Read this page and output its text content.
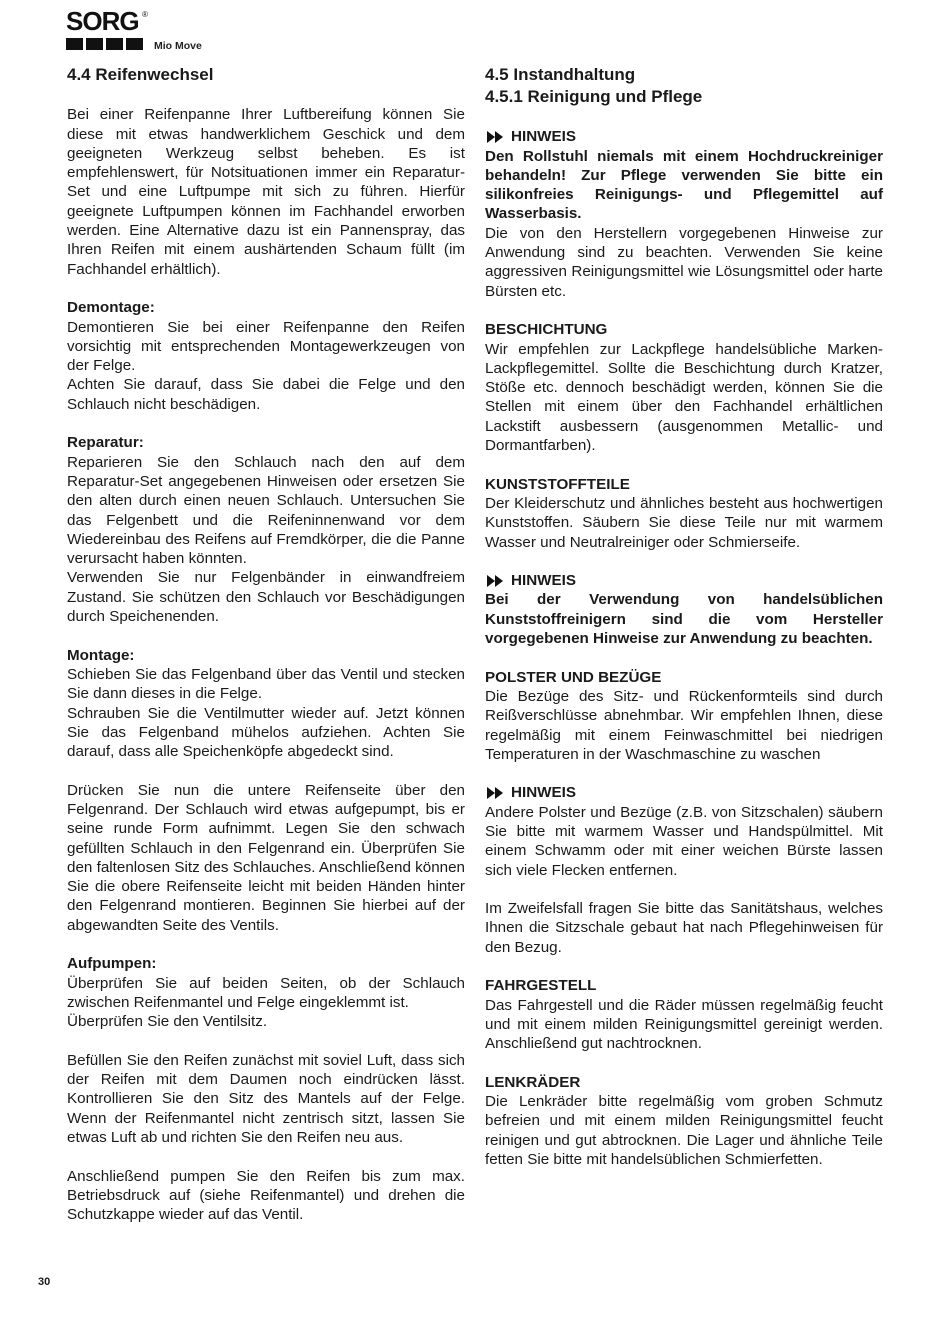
SORG ®
Mio Move
4.4 Reifenwechsel

Bei einer Reifenpanne Ihrer Luftbereifung können Sie diese mit etwas handwerklichem Geschick und dem geeigneten Werkzeug selbst beheben. Es ist empfehlenswert, für Notsituationen immer ein Reparatur-Set und eine Luftpumpe mit sich zu führen. Hierfür geeignete Luftpumpen können im Fachhandel erworben werden. Eine Alternative dazu ist ein Pannenspray, das Ihren Reifen mit einem aushärtenden Schaum füllt (im Fachhandel erhältlich).

Demontage:

Demontieren Sie bei einer Reifenpanne den Reifen vorsichtig mit entsprechenden Montagewerkzeugen von der Felge.

Achten Sie darauf, dass Sie dabei die Felge und den Schlauch nicht beschädigen.

Reparatur:

Reparieren Sie den Schlauch nach den auf dem Reparatur-Set angegebenen Hinweisen oder ersetzen Sie den alten durch einen neuen Schlauch. Untersuchen Sie das Felgenbett und die Reifeninnenwand vor dem Wiedereinbau des Reifens auf Fremdkörper, die die Panne verursacht haben könnten.

Verwenden Sie nur Felgenbänder in einwandfreiem Zustand. Sie schützen den Schlauch vor Beschädigungen durch Speichenenden.

Montage:

Schieben Sie das Felgenband über das Ventil und stecken Sie dann dieses in die Felge.

Schrauben Sie die Ventilmutter wieder auf. Jetzt können Sie das Felgenband mühelos aufziehen. Achten Sie darauf, dass alle Speichenköpfe abgedeckt sind.

Drücken Sie nun die untere Reifenseite über den Felgenrand. Der Schlauch wird etwas aufgepumpt, bis er seine runde Form aufnimmt. Legen Sie den schwach gefüllten Schlauch in den Felgenrand ein. Überprüfen Sie den faltenlosen Sitz des Schlauches. Anschließend können Sie die obere Reifenseite leicht mit beiden Händen hinter den Felgenrand montieren. Beginnen Sie hierbei auf der abgewandten Seite des Ventils.

Aufpumpen:

Überprüfen Sie auf beiden Seiten, ob der Schlauch zwischen Reifenmantel und Felge eingeklemmt ist.

Überprüfen Sie den Ventilsitz.

Befüllen Sie den Reifen zunächst mit soviel Luft, dass sich der Reifen mit dem Daumen noch eindrücken lässt. Kontrollieren Sie den Sitz des Mantels auf der Felge. Wenn der Reifenmantel nicht zentrisch sitzt, lassen Sie etwas Luft ab und richten Sie den Reifen neu aus.

Anschließend pumpen Sie den Reifen bis zum max. Betriebsdruck auf (siehe Reifenmantel) und drehen die Schutzkappe wieder auf das Ventil.

4.5 Instandhaltung
4.5.1 Reinigung und Pflege

HINWEIS

Den Rollstuhl niemals mit einem Hochdruckreiniger behandeln! Zur Pflege verwenden Sie bitte ein silikonfreies Reinigungs- und Pflegemittel auf Wasserbasis.

Die von den Herstellern vorgegebenen Hinweise zur Anwendung sind zu beachten. Verwenden Sie keine aggressiven Reinigungsmittel wie Lösungsmittel oder harte Bürsten etc.

BESCHICHTUNG

Wir empfehlen zur Lackpflege handelsübliche Marken-Lackpflegemittel. Sollte die Beschichtung durch Kratzer, Stöße etc. dennoch beschädigt werden, können Sie die Stellen mit einem über den Fachhandel erhältlichen Lackstift ausbessern (ausgenommen Metallic- und Dormantfarben).

KUNSTSTOFFTEILE

Der Kleiderschutz und ähnliches besteht aus hochwertigen Kunststoffen. Säubern Sie diese Teile nur mit warmem Wasser und Neutralreiniger oder Schmierseife.

HINWEIS

Bei der Verwendung von handelsüblichen Kunststoffreinigern sind die vom Hersteller vorgegebenen Hinweise zur Anwendung zu beachten.

POLSTER UND BEZÜGE

Die Bezüge des Sitz- und Rückenformteils sind durch Reißverschlüsse abnehmbar. Wir empfehlen Ihnen, diese regelmäßig mit einem Feinwaschmittel bei niedrigen Temperaturen in der Waschmaschine zu waschen

HINWEIS

Andere Polster und Bezüge (z.B. von Sitzschalen) säubern Sie bitte mit warmem Wasser und Handspülmittel. Mit einem Schwamm oder mit einer weichen Bürste lassen sich viele Flecken entfernen.

Im Zweifelsfall fragen Sie bitte das Sanitätshaus, welches Ihnen die Sitzschale gebaut hat nach Pflegehinweisen für den Bezug.

FAHRGESTELL

Das Fahrgestell und die Räder müssen regelmäßig feucht und mit einem milden Reinigungsmittel gereinigt werden. Anschließend gut nachtrocknen.

LENKRÄDER

Die Lenkräder bitte regelmäßig vom groben Schmutz befreien und mit einem milden Reinigungsmittel feucht reinigen und gut abtrocknen. Die Lager und ähnliche Teile fetten Sie bitte mit handelsüblichen Schmierfetten.

30
